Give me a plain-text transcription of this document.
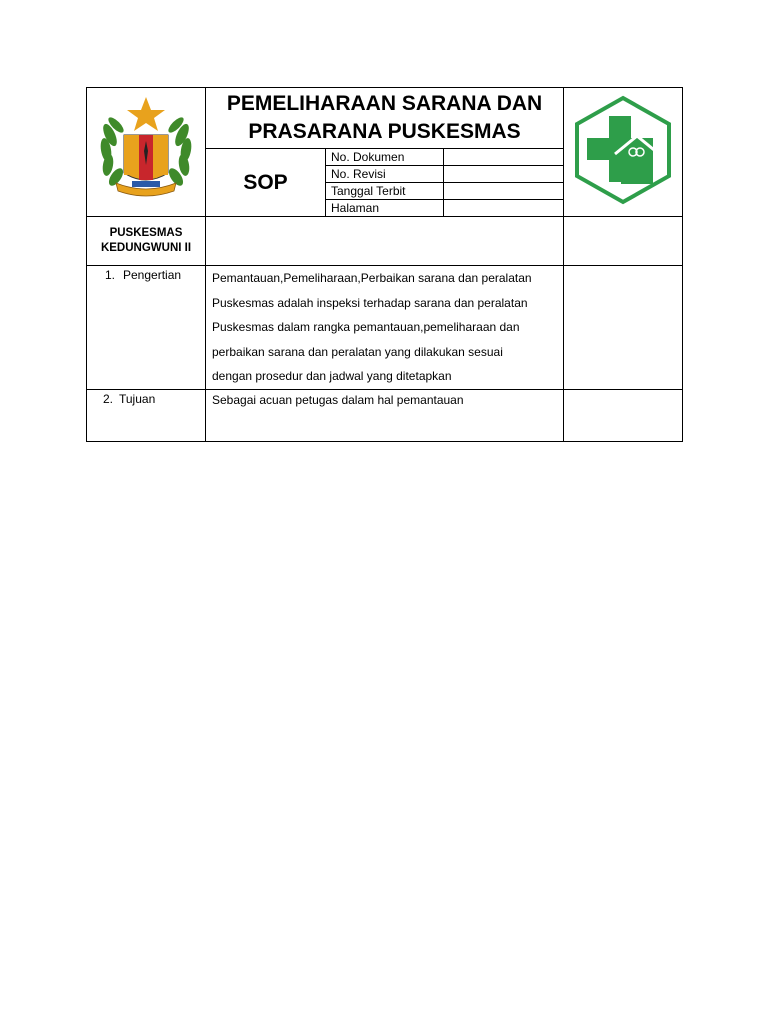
PEMELIHARAAN SARANA DAN
PRASARANA PUSKESMAS

	SOP	No. Dokumen		
		No. Revisi		
		Tanggal Terbit		
		Halaman		

PUSKESMAS
KEDUNGWUNI II				

1. Pengertian	Pemantauan,Pemeliharaan,Perbaikan sarana dan peralatan
Puskesmas adalah inspeksi terhadap sarana dan peralatan
Puskesmas dalam rangka pemantauan,pemeliharaan dan
perbaikan sarana dan peralatan yang dilakukan sesuai
dengan prosedur dan jadwal yang ditetapkan			

2. Tujuan	Sebagai acuan petugas dalam hal pemantauan			
